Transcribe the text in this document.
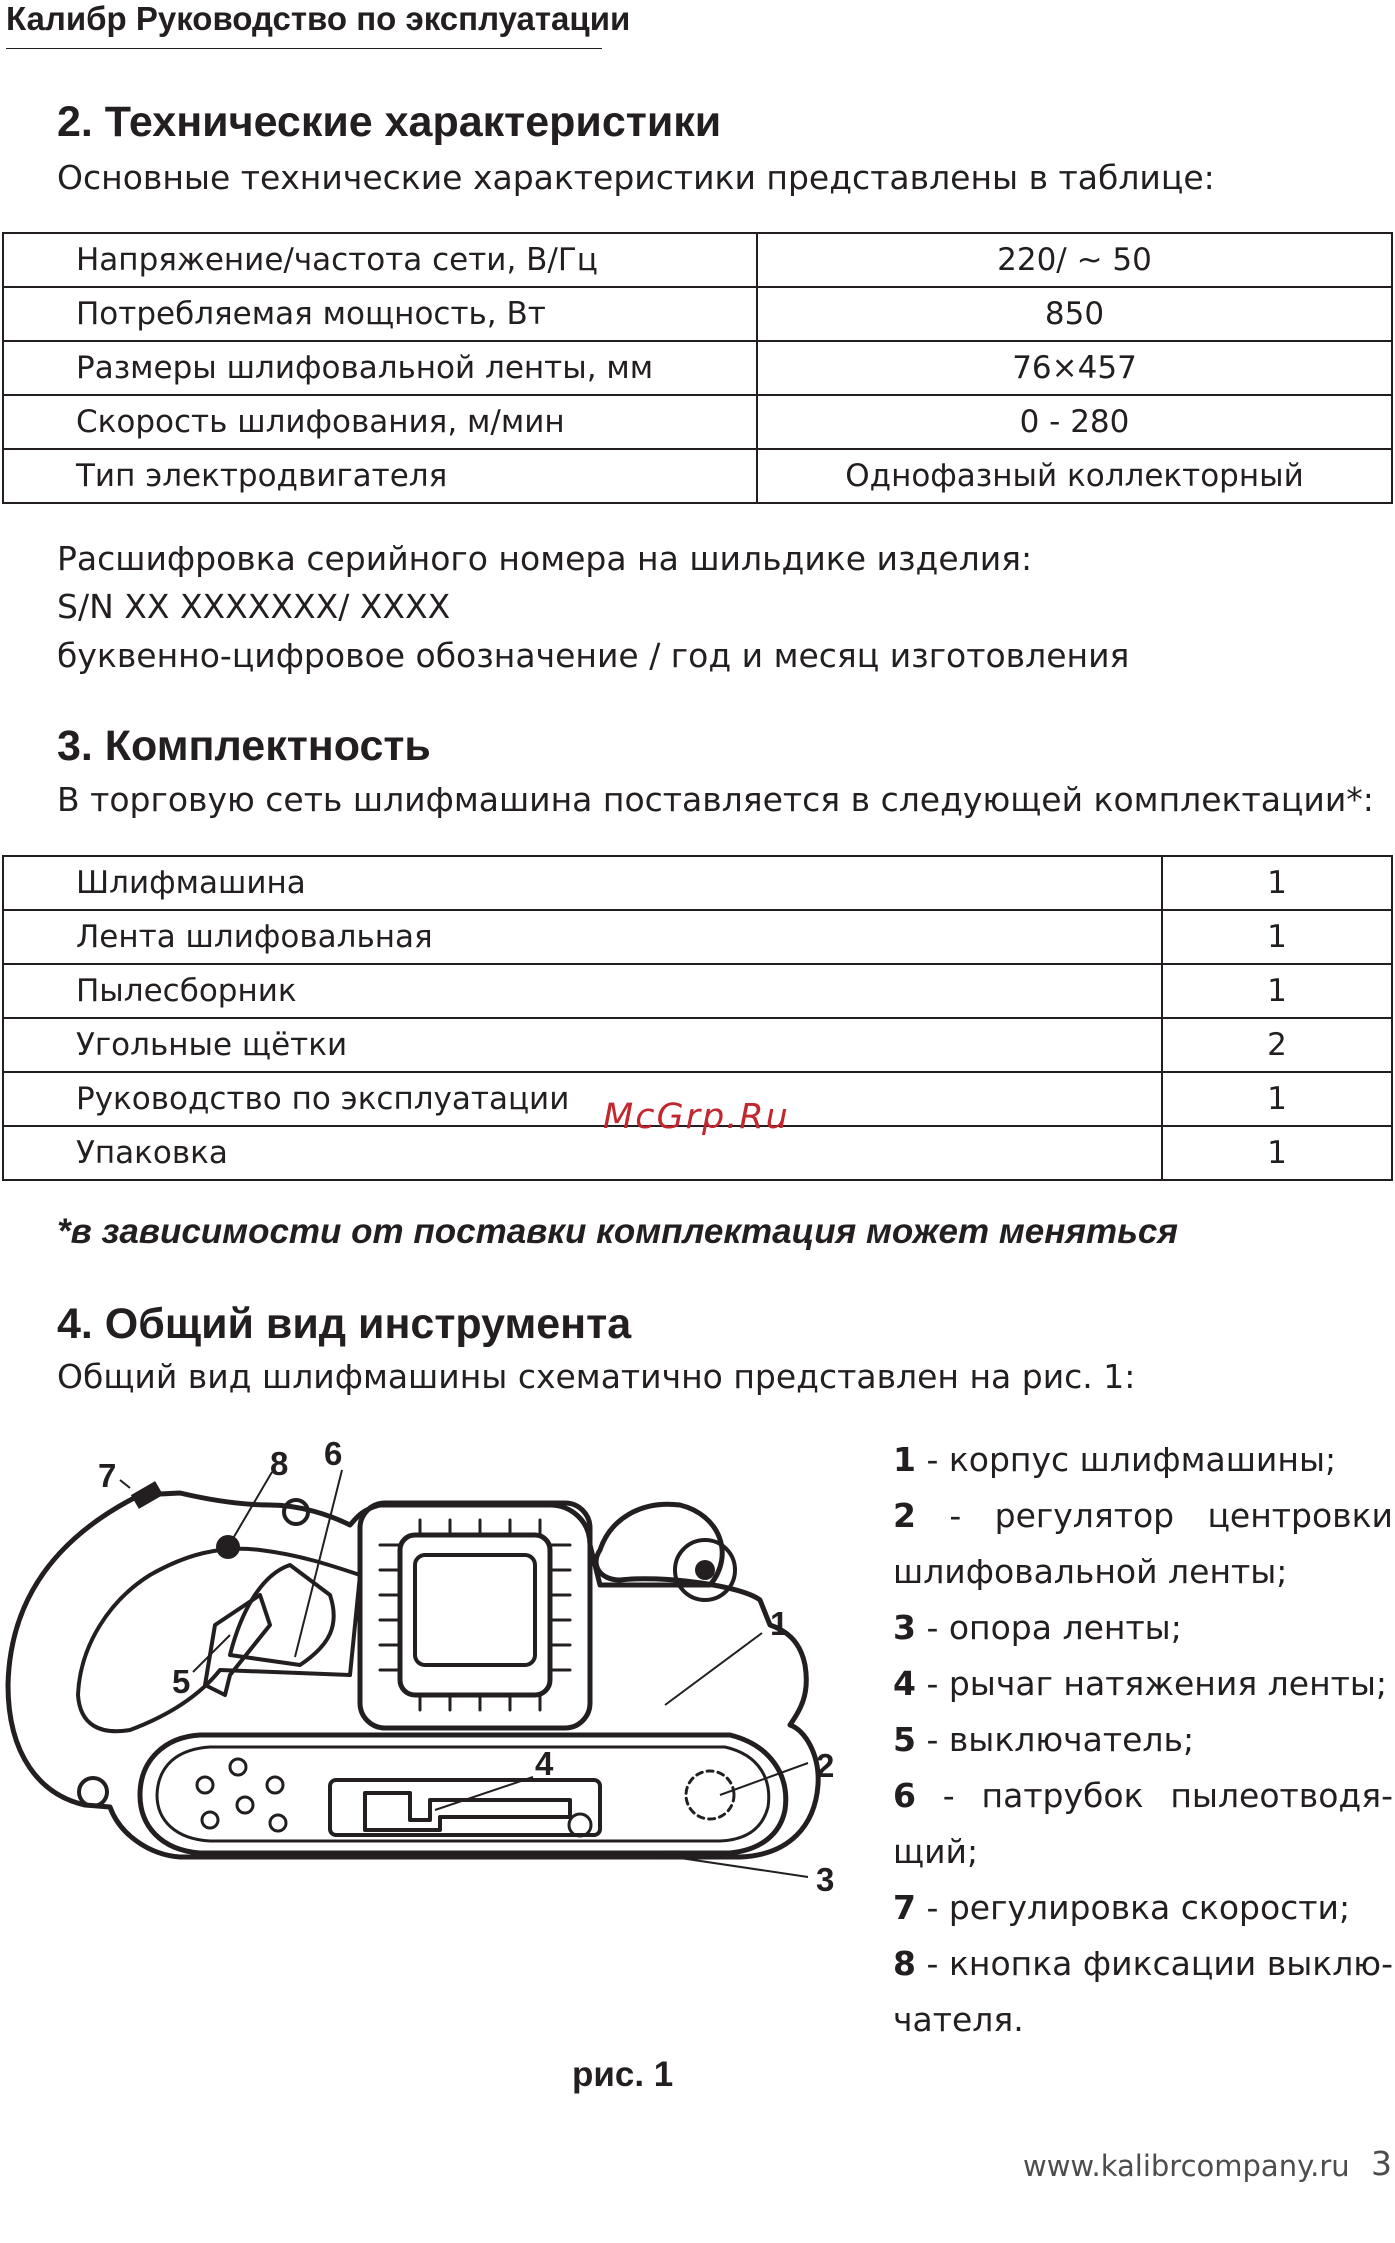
Калибр Руководство по эксплуатации
2. Технические характеристики
Основные технические характеристики представлены в таблице:
Напряжение/частота сети, В/Гц	220/ ~ 50
Потребляемая мощность, Вт	850
Размеры шлифовальной ленты, мм	76×457
Скорость шлифования, м/мин	0 - 280
Тип электродвигателя	Однофазный коллекторный
Расшифровка серийного номера на шильдике изделия:
S/N XX XXXXXXX/ XXXX
буквенно-цифровое обозначение / год и месяц изготовления
3. Комплектность
В торговую сеть шлифмашина поставляется в следующей комплектации*:
Шлифмашина	1
Лента шлифовальная	1
Пылесборник	1
Угольные щётки	2
Руководство по эксплуатации	1
Упаковка	1
McGrp.Ru
*в зависимости от поставки комплектация может меняться
4. Общий вид инструмента
Общий вид шлифмашины схематично представлен на рис. 1:
1
2
3
4
5
6
7	8	1 - корпус шлифмашины;
2 - регулятор центровки шлифовальной ленты;
3 - опора ленты;
4 - рычаг натяжения ленты;
5 - выключатель;
6 - патрубок пылеотводящий;
7 - регулировка скорости;
8 - кнопка фиксации выключателя.
рис. 1
www.kalibrcompany.ru 3
